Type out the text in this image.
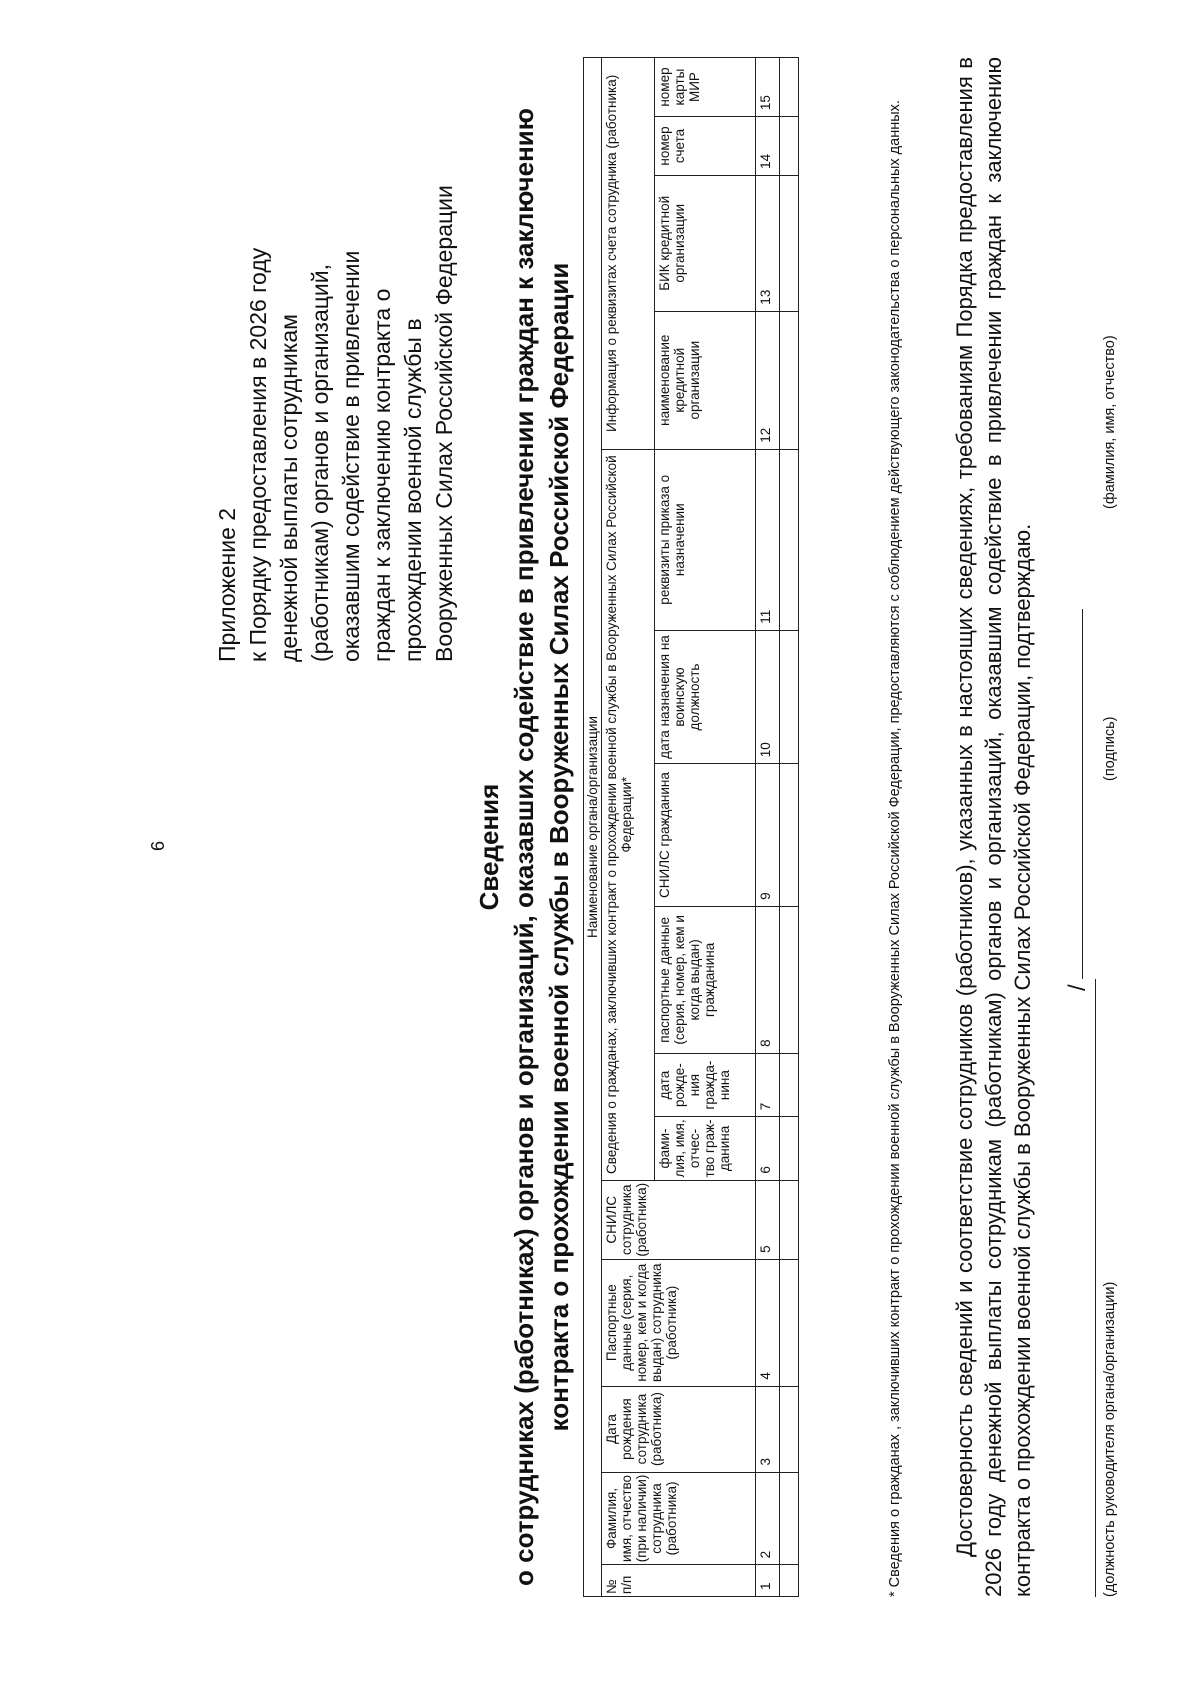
6
Приложение 2 к Порядку предоставления в 2026 году денежной выплаты сотрудникам (работникам) органов и организаций, оказавшим содействие в привлечении граждан к заключению контракта о прохождении военной службы в Вооруженных Силах Российской Федерации
Сведения о сотрудниках (работниках) органов и организаций, оказавших содействие в привлечении граждан к заключению контракта о прохождении военной службы в Вооруженных Силах Российской Федерации Наименование органа/организации														
№ п/п	Фамилия, имя, отчество (при наличии) сотрудника (работника)	Дата рождения сотрудника (работника)	Паспортные данные (серия, номер, кем и когда выдан) сотрудника (работника)	СНИЛС сотрудника (работника)	Сведения о гражданах, заключивших контракт о прохождении военной службы в Вооруженных Силах Российской Федерации*						Информация о реквизитах счета сотрудника (работника)			
					фами-лия, имя, отчес-тво граж-данина	дата рожде-ния гражда-нина	паспортные данные (серия, номер, кем и когда выдан) гражданина	СНИЛС гражданина	дата назначения на воинскую должность	реквизиты приказа о назначении	наименование кредитной организации	БИК кредитной организации	номер счета	номер карты МИР
1	2	3	4	5	6	7	8	9	10	11	12	13	14	15
															* Сведения о гражданах , заключивших контракт о прохождении военной службы в Вооруженных Силах Российской Федерации, предоставляются с соблюдением действующего законодательства о персональных данных. Достоверность сведений и соответствие сотрудников (работников), указанных в настоящих сведениях, требованиям Порядка предоставления в 2026 году денежной выплаты сотрудникам (работникам) органов и организаций, оказавшим содействие в привлечении граждан к заключению контракта о прохождении военной службы в Вооруженных Силах Российской Федерации, подтверждаю. /
(должность руководителя органа/организации)
(подпись)
(фамилия, имя, отчество)
